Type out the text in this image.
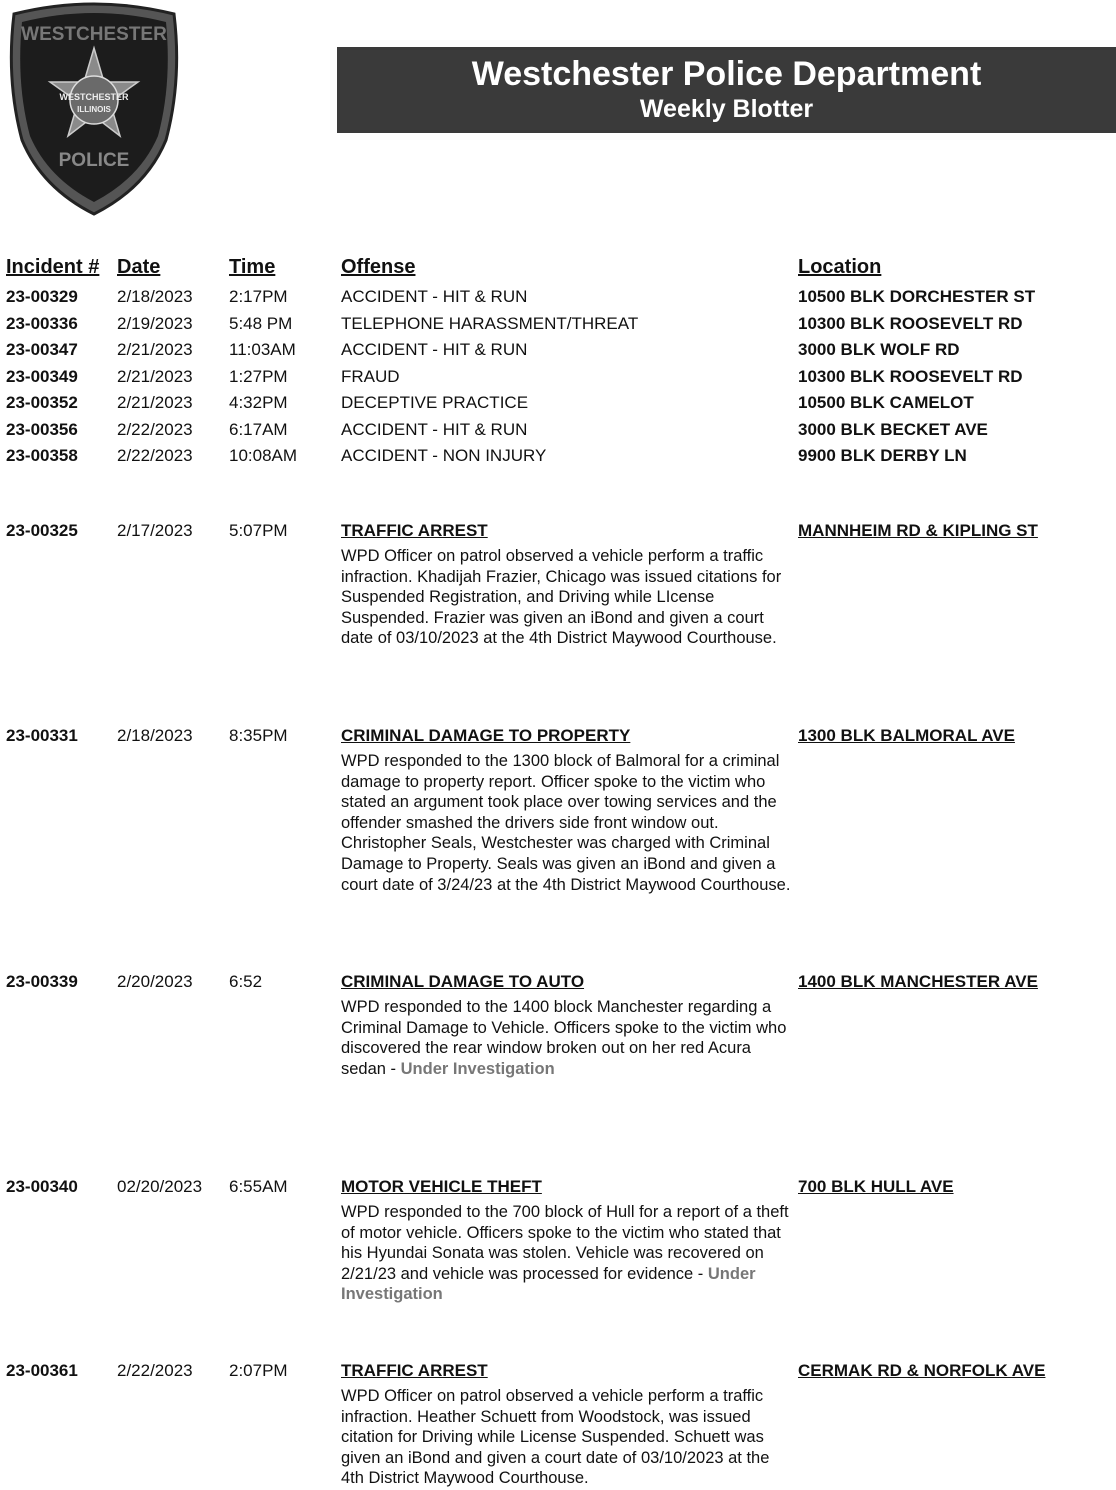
WESTCHESTER
WESTCHESTER
ILLINOIS
POLICE
Westchester Police Department
Weekly Blotter
Incident # Date	Time	Offense	Location
23-00329 2/18/2023 2:17PM	ACCIDENT - HIT & RUN	10500 BLK DORCHESTER ST
23-00336 2/19/2023 5:48 PM	TELEPHONE HARASSMENT/THREAT	10300 BLK ROOSEVELT RD
23-00347 2/21/2023 11:03AM	ACCIDENT - HIT & RUN	3000 BLK WOLF RD
23-00349 2/21/2023 1:27PM	FRAUD	10300 BLK ROOSEVELT RD
23-00352 2/21/2023 4:32PM	DECEPTIVE PRACTICE	10500 BLK CAMELOT
23-00356 2/22/2023 6:17AM	ACCIDENT - HIT & RUN	3000 BLK BECKET AVE
23-00358 2/22/2023 10:08AM	ACCIDENT - NON INJURY	9900 BLK DERBY LN
23-00325 2/17/2023 5:07PM	TRAFFIC ARREST	MANNHEIM RD & KIPLING ST
WPD Officer on patrol observed a vehicle perform a traffic infraction. Khadijah Frazier, Chicago was issued citations for Suspended Registration, and Driving while LIcense Suspended. Frazier was given an iBond and given a court date of 03/10/2023 at the 4th District Maywood Courthouse.
23-00331 2/18/2023 8:35PM	CRIMINAL DAMAGE TO PROPERTY	1300 BLK BALMORAL AVE
WPD responded to the 1300 block of Balmoral for a criminal damage to property report. Officer spoke to the victim who stated an argument took place over towing services and the offender smashed the drivers side front window out. Christopher Seals, Westchester was charged with Criminal Damage to Property. Seals was given an iBond and given a court date of 3/24/23 at the 4th District Maywood Courthouse.
23-00339 2/20/2023 6:52	CRIMINAL DAMAGE TO AUTO	1400 BLK MANCHESTER AVE
WPD responded to the 1400 block Manchester regarding a Criminal Damage to Vehicle. Officers spoke to the victim who discovered the rear window broken out on her red Acura sedan - Under Investigation
23-00340 02/20/2023 6:55AM	MOTOR VEHICLE THEFT	700 BLK HULL AVE
WPD responded to the 700 block of Hull for a report of a theft of motor vehicle. Officers spoke to the victim who stated that his Hyundai Sonata was stolen. Vehicle was recovered on 2/21/23 and vehicle was processed for evidence - Under Investigation
23-00361 2/22/2023 2:07PM	TRAFFIC ARREST	CERMAK RD & NORFOLK AVE
WPD Officer on patrol observed a vehicle perform a traffic infraction. Heather Schuett from Woodstock, was issued citation for Driving while License Suspended. Schuett was given an iBond and given a court date of 03/10/2023 at the 4th District Maywood Courthouse.
